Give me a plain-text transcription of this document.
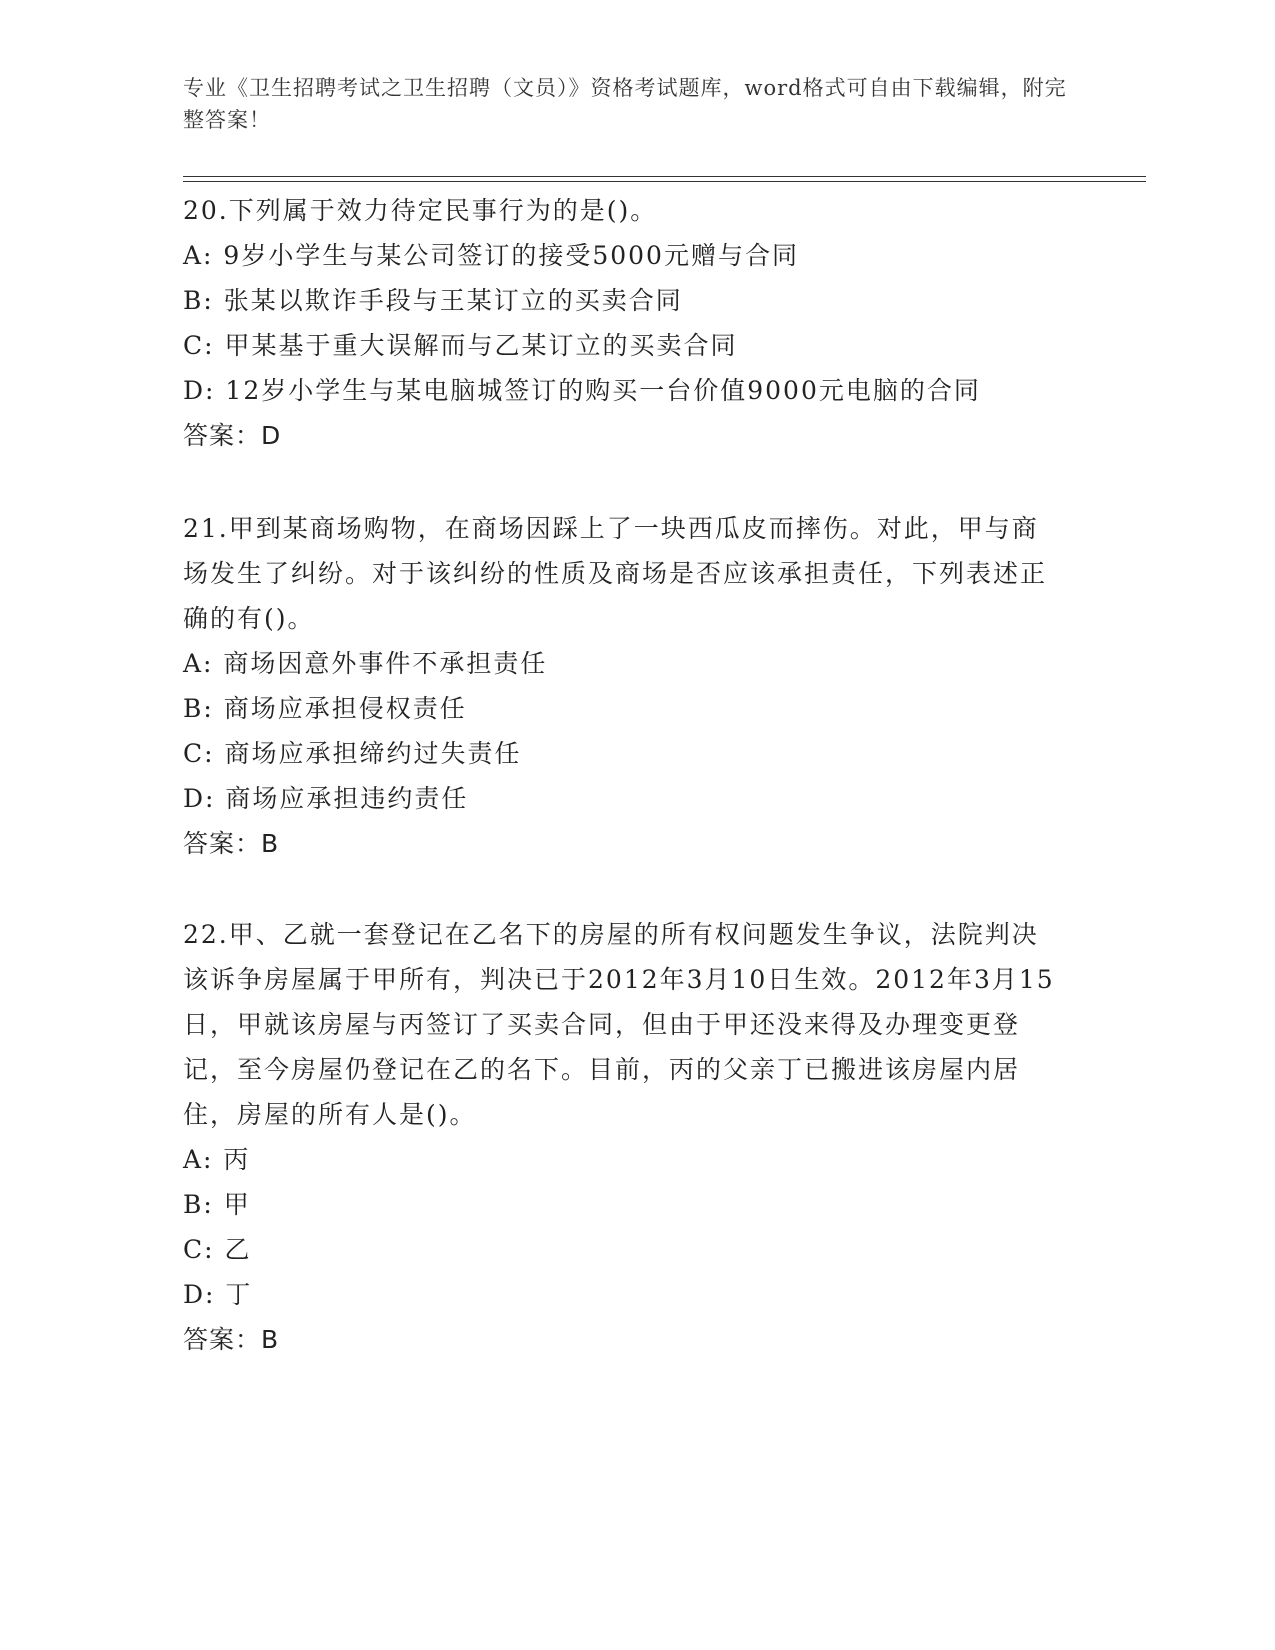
专业《卫生招聘考试之卫生招聘（文员）》资格考试题库，word格式可自由下载编辑，附完整答案！

20.下列属于效力待定民事行为的是()。

A: 9岁小学生与某公司签订的接受5000元赠与合同

B: 张某以欺诈手段与王某订立的买卖合同

C: 甲某基于重大误解而与乙某订立的买卖合同

D: 12岁小学生与某电脑城签订的购买一台价值9000元电脑的合同

答案：D

21.甲到某商场购物，在商场因踩上了一块西瓜皮而摔伤。对此，甲与商场发生了纠纷。对于该纠纷的性质及商场是否应该承担责任，下列表述正确的有()。

A: 商场因意外事件不承担责任

B: 商场应承担侵权责任

C: 商场应承担缔约过失责任

D: 商场应承担违约责任

答案：B

22.甲、乙就一套登记在乙名下的房屋的所有权问题发生争议，法院判决该诉争房屋属于甲所有，判决已于2012年3月10日生效。2012年3月15日，甲就该房屋与丙签订了买卖合同，但由于甲还没来得及办理变更登记，至今房屋仍登记在乙的名下。目前，丙的父亲丁已搬进该房屋内居住，房屋的所有人是()。

A: 丙

B: 甲

C: 乙

D: 丁

答案：B
